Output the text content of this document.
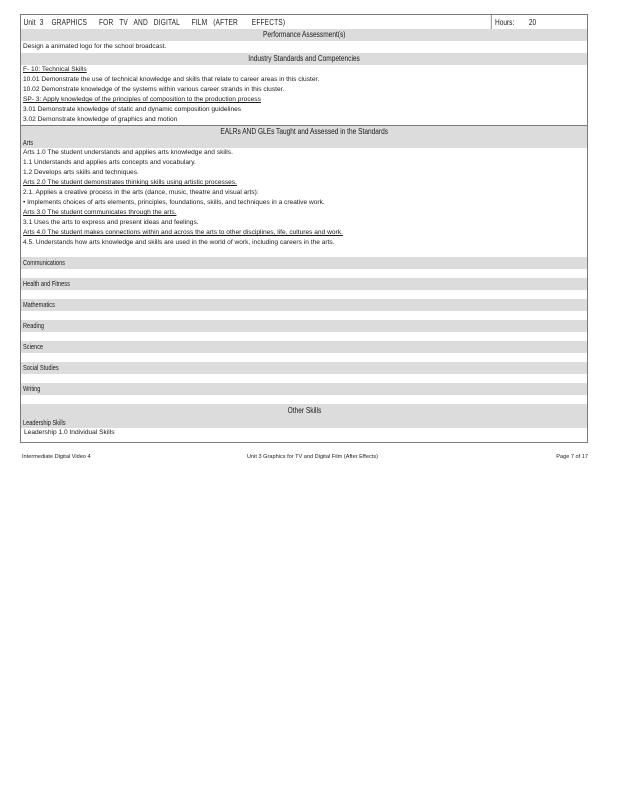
Unit  3    GRAPHICS      FOR   TV   AND   DIGITAL      FILM   (AFTER       EFFECTS)	Hours:        20
Performance Assessment(s)
Design a animated logo for the school broadcast.
Industry Standards and Competencies
F- 10: Technical Skills
10.01 Demonstrate the use of technical knowledge and skills that relate to career areas in this cluster.
10.02 Demonstrate knowledge of the systems within various career strands in this cluster.
SP- 3: Apply knowledge of the principles of composition to the production process
3.01 Demonstrate knowledge of static and dynamic composition guidelines
3.02 Demonstrate knowledge of graphics and motion
EALRs AND GLEs Taught and Assessed in the Standards
Arts
Arts 1.0 The student understands and applies arts knowledge and skills.
1.1 Understands and applies arts concepts and vocabulary.
1.2 Develops arts skills and techniques.
Arts 2.0 The student demonstrates thinking skills using artistic processes.
2.1. Applies a creative process in the arts (dance, music, theatre and visual arts):
• Implements choices of arts elements, principles, foundations, skills, and techniques in a creative work.
Arts 3.0 The student communicates through the arts.
3.1 Uses the arts to express and present ideas and feelings.
Arts 4.0 The student makes connections within and across the arts to other disciplines, life, cultures and work.
4.5. Understands how arts knowledge and skills are used in the world of work, including careers in the arts.
Communications
Health and Fitness
Mathematics
Reading
Science
Social Studies
Writing
Other Skills
Leadership Skills
Leadership 1.0 Individual Skills
Intermediate Digital Video 4	Unit 3 Graphics for TV and Digital Film (After Effects)	Page 7 of 17
